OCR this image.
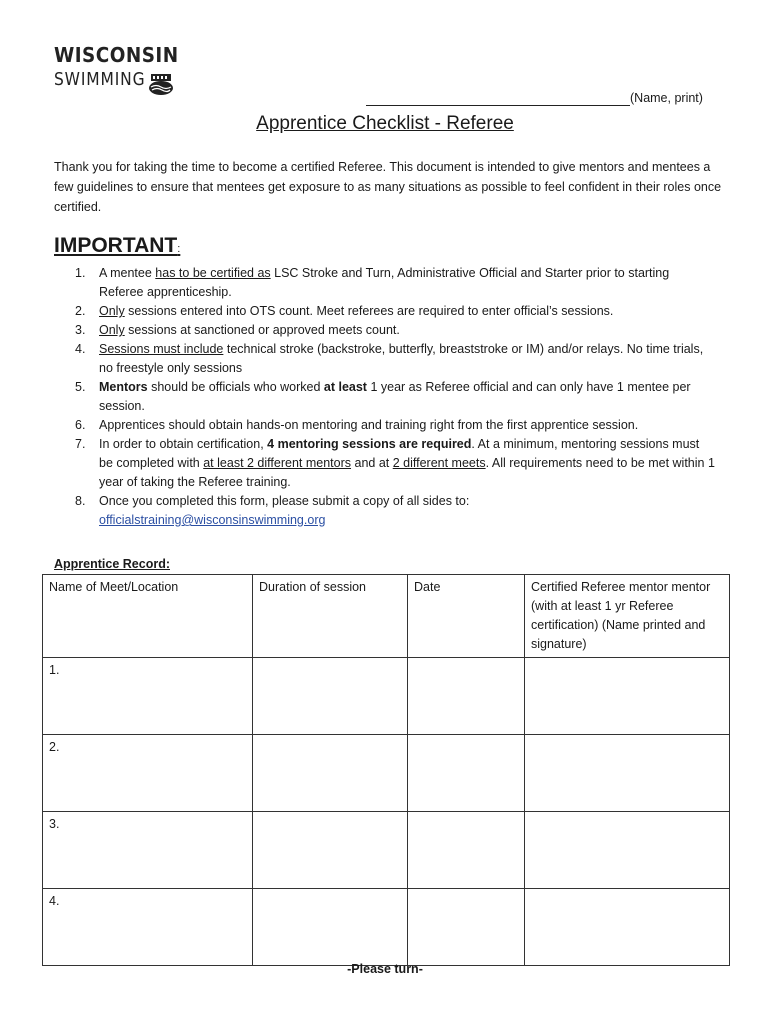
WISCONSIN
SWIMMING
(Name, print)
Apprentice Checklist - Referee
Thank you for taking the time to become a certified Referee. This document is intended to give mentors and mentees a few guidelines to ensure that mentees get exposure to as many situations as possible to feel confident in their roles once certified.
IMPORTANT:
1. A mentee has to be certified as LSC Stroke and Turn, Administrative Official and Starter prior to starting Referee apprenticeship.
2. Only sessions entered into OTS count. Meet referees are required to enter official’s sessions.
3. Only sessions at sanctioned or approved meets count.
4. Sessions must include technical stroke (backstroke, butterfly, breaststroke or IM) and/or relays. No time trials, no freestyle only sessions
5. Mentors should be officials who worked at least 1 year as Referee official and can only have 1 mentee per session.
6. Apprentices should obtain hands-on mentoring and training right from the first apprentice session.
7. In order to obtain certification, 4 mentoring sessions are required. At a minimum, mentoring sessions must be completed with at least 2 different mentors and at 2 different meets. All requirements need to be met within 1 year of taking the Referee training.
8. Once you completed this form, please submit a copy of all sides to:
officialstraining@wisconsinswimming.org
Apprentice Record:
Name of Meet/Location	Duration of session	Date	Certified Referee mentor mentor (with at least 1 yr Referee certification) (Name printed and signature)
1.			
2.			
3.			
4.			
-Please turn-
